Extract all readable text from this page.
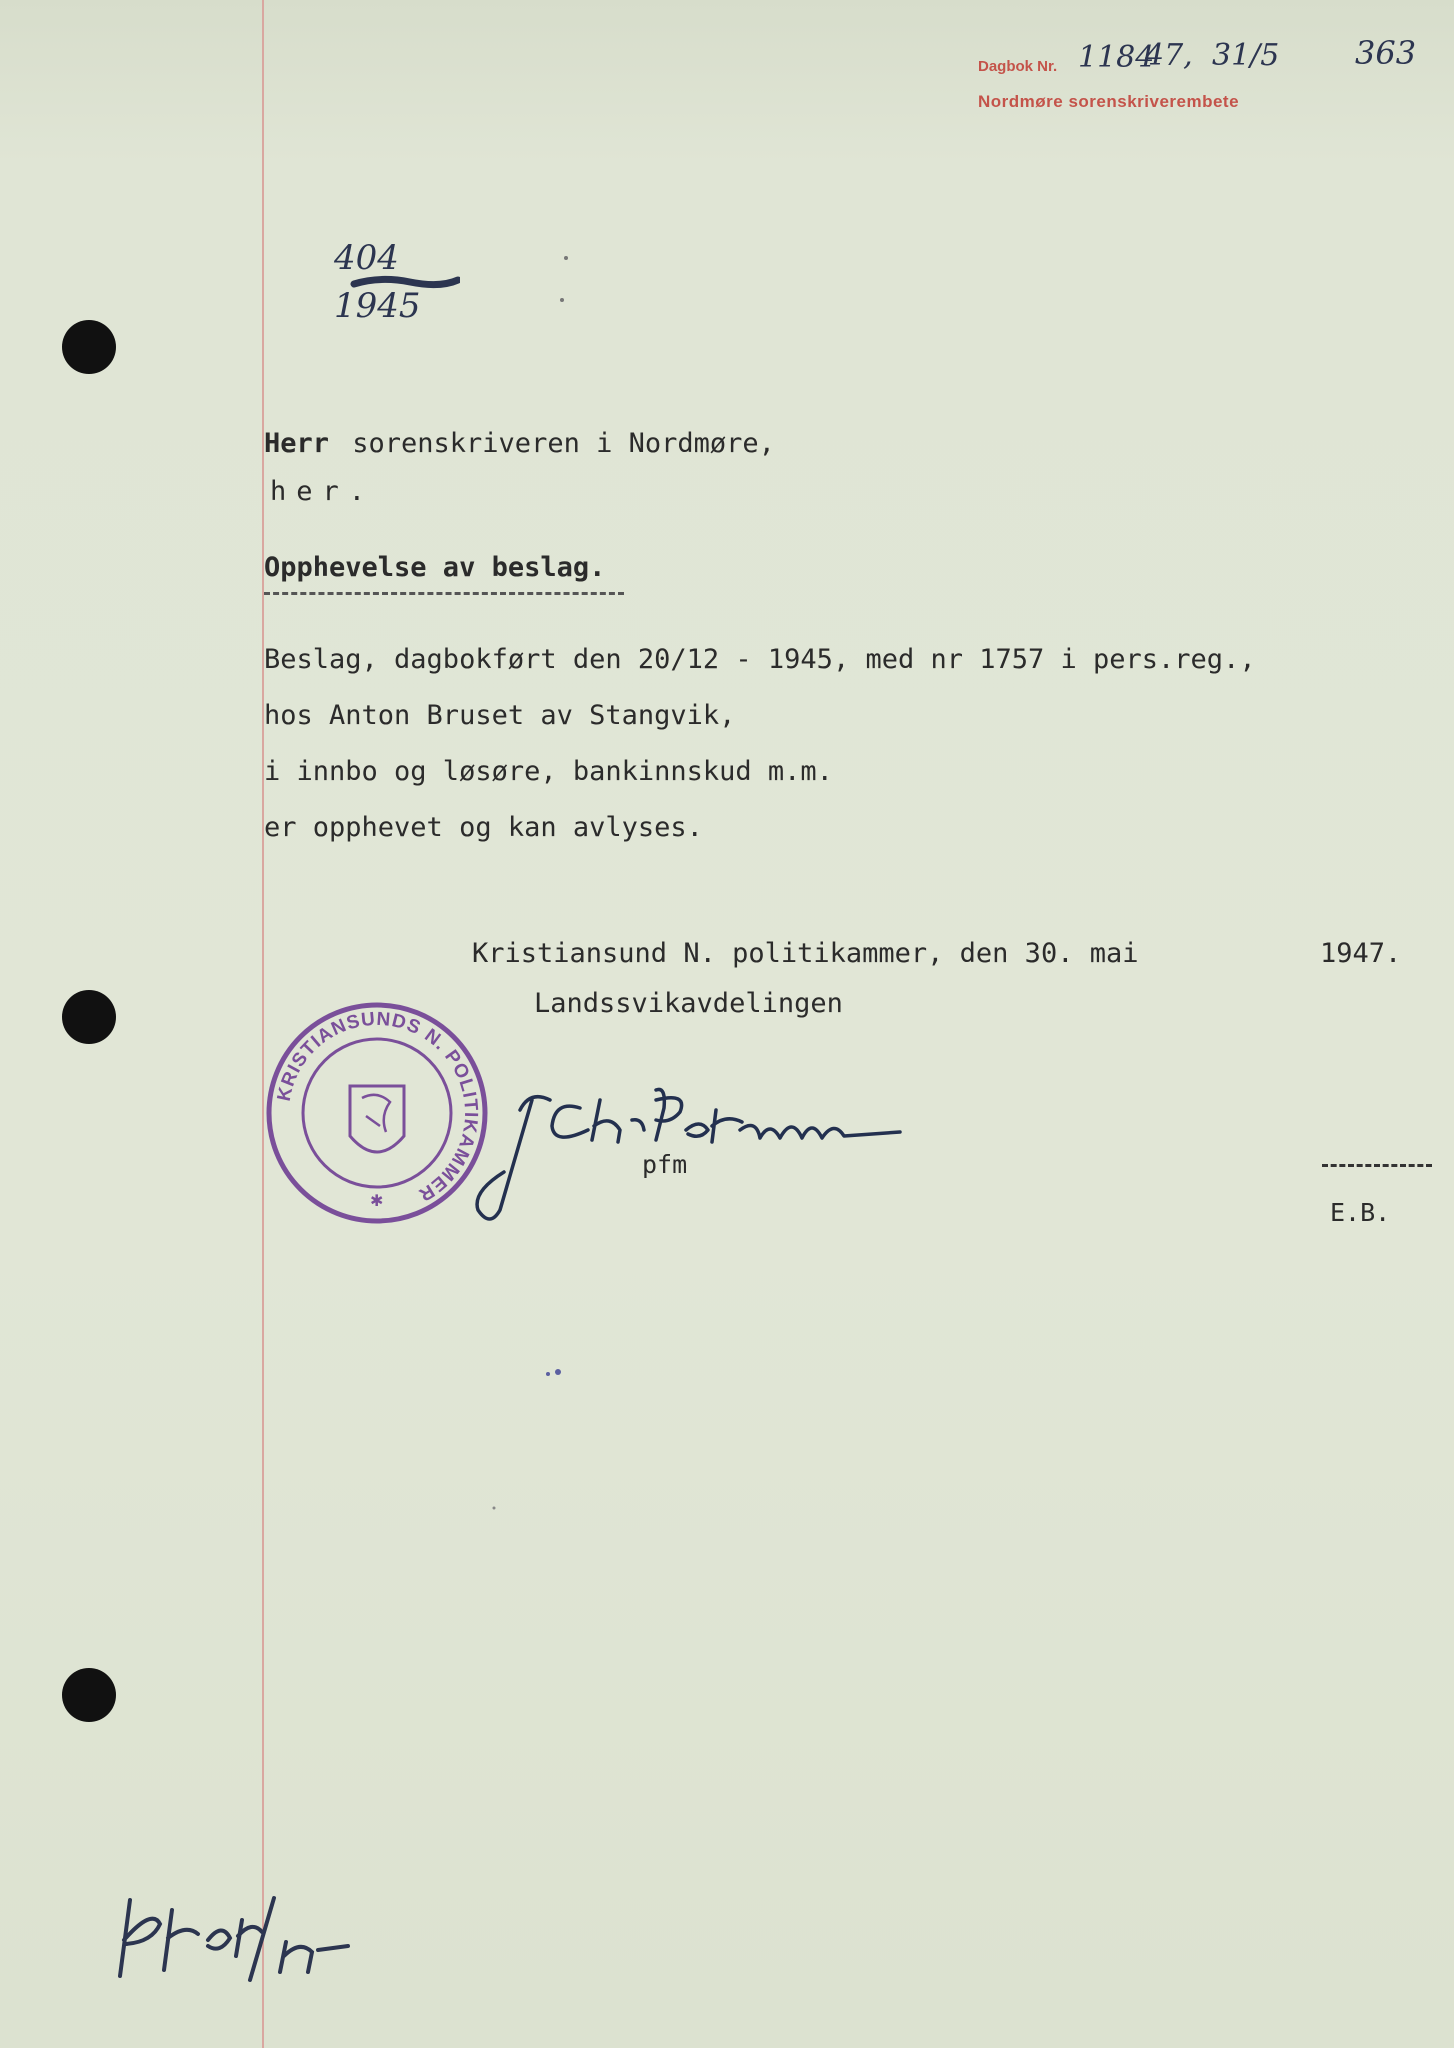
Dagbok Nr. 1184
47, 31/5 363
Nordmøre sorenskriverembete
404
1945
Herr sorenskriveren i Nordmøre,
her.
Opphevelse av beslag.
Beslag, dagbokført den 20/12 - 1945, med nr 1757 i pers.reg.,
hos Anton Bruset av Stangvik,
i innbo og løsøre, bankinnskud m.m.
er opphevet og kan avlyses.
Kristiansund N. politikammer, den 30. mai	1947.
Landssvikavdelingen
KRISTIANSUNDS N. POLITIKAMMER
✱
pfm
E.B.
